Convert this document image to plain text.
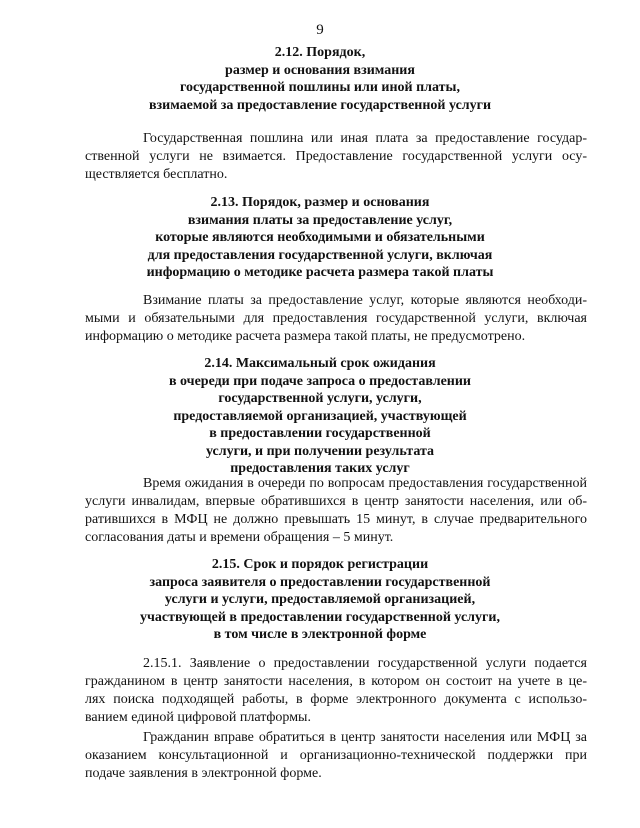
9
2.12. Порядок,
размер и основания взимания
государственной пошлины или иной платы,
взимаемой за предоставление государственной услуги
Государственная пошлина или иная плата за предоставление государ-
ственной услуги не взимается. Предоставление государственной услуги осу-
ществляется бесплатно.
2.13. Порядок, размер и основания
взимания платы за предоставление услуг,
которые являются необходимыми и обязательными
для предоставления государственной услуги, включая
информацию о методике расчета размера такой платы
Взимание платы за предоставление услуг, которые являются необходи-
мыми и обязательными для предоставления государственной услуги, включая
информацию о методике расчета размера такой платы, не предусмотрено.
2.14. Максимальный срок ожидания
в очереди при подаче запроса о предоставлении
государственной услуги, услуги,
предоставляемой организацией, участвующей
в предоставлении государственной
услуги, и при получении результата
предоставления таких услуг
Время ожидания в очереди по вопросам предоставления государственной
услуги инвалидам, впервые обратившихся в центр занятости населения, или об-
ратившихся в МФЦ не должно превышать 15 минут, в случае предварительного
согласования даты и времени обращения – 5 минут.
2.15. Срок и порядок регистрации
запроса заявителя о предоставлении государственной
услуги и услуги, предоставляемой организацией,
участвующей в предоставлении государственной услуги,
в том числе в электронной форме
2.15.1. Заявление о предоставлении государственной услуги подается
гражданином в центр занятости населения, в котором он состоит на учете в це-
лях поиска подходящей работы, в форме электронного документа с использо-
ванием единой цифровой платформы.
Гражданин вправе обратиться в центр занятости населения или МФЦ за
оказанием консультационной и организационно-технической поддержки при
подаче заявления в электронной форме.
